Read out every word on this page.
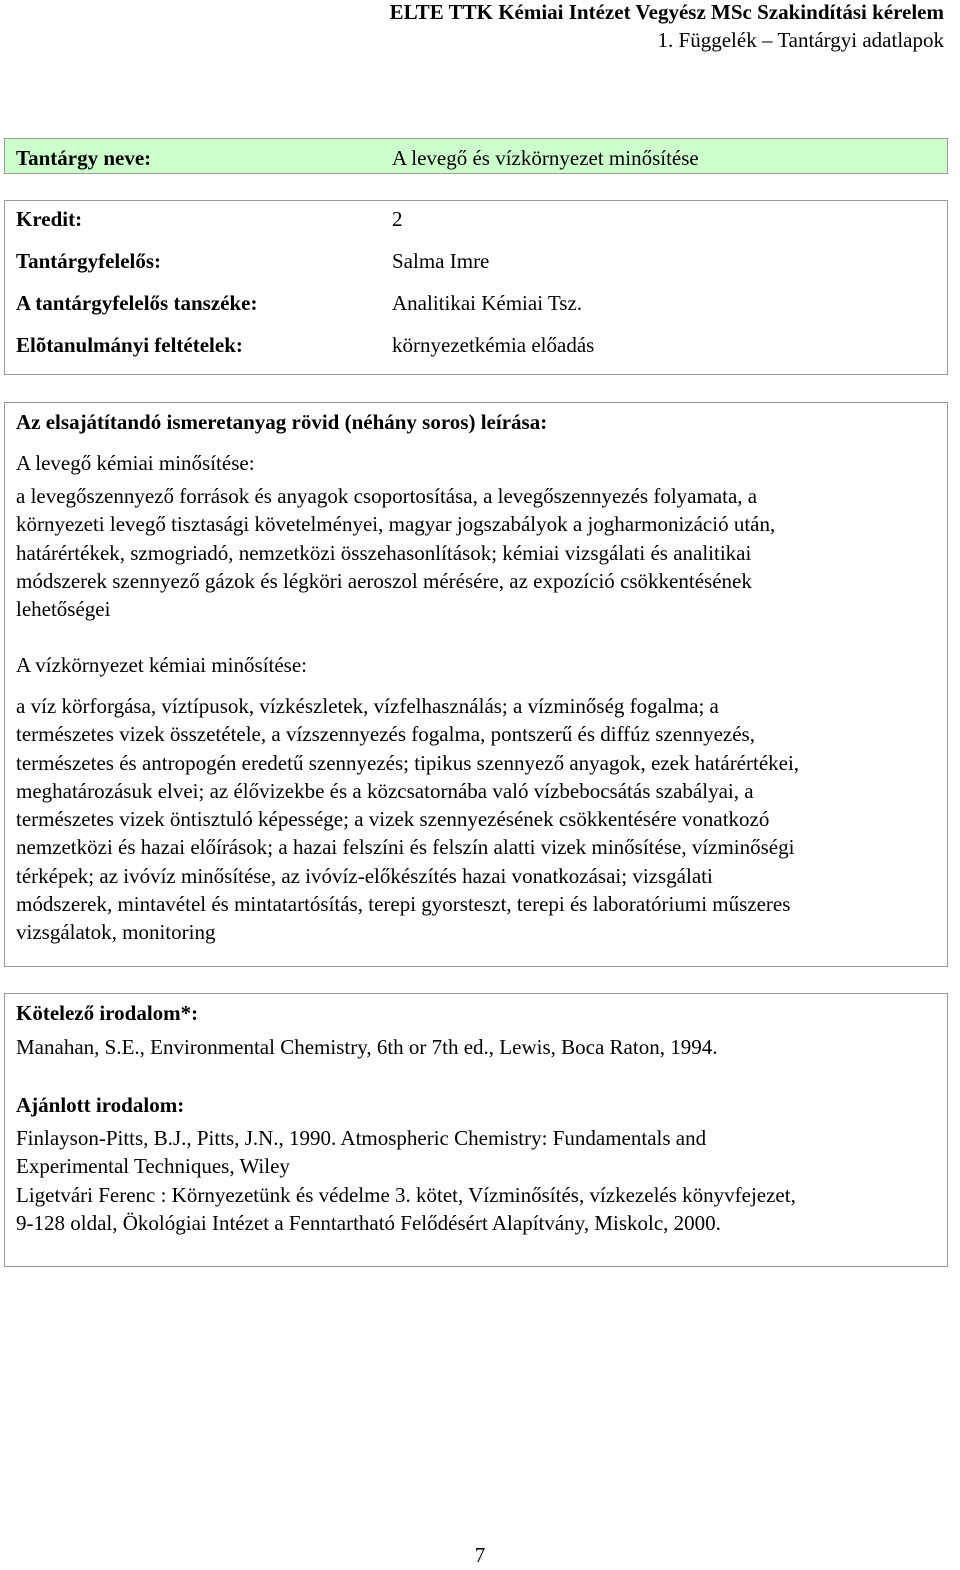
ELTE TTK Kémiai Intézet Vegyész MSc Szakindítási kérelem
1. Függelék – Tantárgyi adatlapok
Tantárgy neve:	A levegő és vízkörnyezet minősítése
Kredit:	2
Tantárgyfelelős:	Salma Imre
A tantárgyfelelős tanszéke:	Analitikai Kémiai Tsz.
Elõtanulmányi feltételek:	környezetkémia előadás
Az elsajátítandó ismeretanyag rövid (néhány soros) leírása:
A levegő kémiai minősítése:
a levegőszennyező források és anyagok csoportosítása, a levegőszennyezés folyamata, a
környezeti levegő tisztasági követelményei, magyar jogszabályok a jogharmonizáció után,
határértékek, szmogriadó, nemzetközi összehasonlítások; kémiai vizsgálati és analitikai
módszerek szennyező gázok és légköri aeroszol mérésére, az expozíció csökkentésének
lehetőségei
A vízkörnyezet kémiai minősítése:
a víz körforgása, víztípusok, vízkészletek, vízfelhasználás; a vízminőség fogalma; a
természetes vizek összetétele, a vízszennyezés fogalma, pontszerű és diffúz szennyezés,
természetes és antropogén eredetű szennyezés; tipikus szennyező anyagok, ezek határértékei,
meghatározásuk elvei; az élővizekbe és a közcsatornába való vízbebocsátás szabályai, a
természetes vizek öntisztuló képessége; a vizek szennyezésének csökkentésére vonatkozó
nemzetközi és hazai előírások; a hazai felszíni és felszín alatti vizek minősítése, vízminőségi
térképek; az ivóvíz minősítése, az ivóvíz-előkészítés hazai vonatkozásai; vizsgálati
módszerek, mintavétel és mintatartósítás, terepi gyorsteszt, terepi és laboratóriumi műszeres
vizsgálatok, monitoring
Kötelező irodalom*:
Manahan, S.E., Environmental Chemistry, 6th or 7th ed., Lewis, Boca Raton, 1994.
Ajánlott irodalom:
Finlayson-Pitts, B.J., Pitts, J.N., 1990. Atmospheric Chemistry: Fundamentals and
Experimental Techniques, Wiley
Ligetvári Ferenc : Környezetünk és védelme 3. kötet, Vízminősítés, vízkezelés könyvfejezet,
9-128 oldal, Ökológiai Intézet a Fenntartható Felődésért Alapítvány, Miskolc, 2000.
7
